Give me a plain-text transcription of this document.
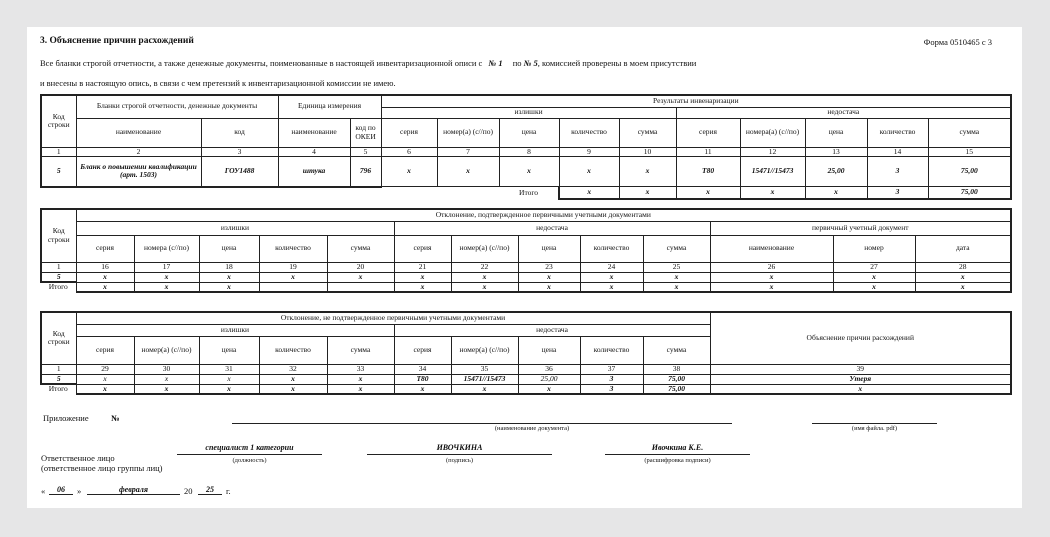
3. Объяснение причин расхождений	Форма 0510465 с 3
Все бланки строгой отчетности, а также денежные документы, поименованные в настоящей инвентаризационной описи с № 1 по № 5, комиссией проверены в моем присутствии
и внесены в настоящую опись, в связи с чем претензий к инвентаризационной комиссии не имею.
Код строки	Бланки строгой отчетности, денежные документы		Единица измерения		Результаты инвенаризации									
					излишки					недостача				
	наименование	код	наименование	код по ОКЕИ	серия	номер(а) (с//по)	цена	количество	сумма	серия	номера(а) (с//по)	цена	количество	сумма
1	2	3	4	5	6	7	8	9	10	11	12	13	14	15
5	Бланк о повышении квалификации (арт. 1503)	ГОУ1488	штука	796	x	x	x	x	x	Т80	15471//15473	25,00	3	75,00
					Итого			x	x	x	x	x	3	75,00
Код строки	Отклонение, подтвержденное первичными учетными документами												
	излишки					недостача					первичный учетный документ		
	серия	номера (с//по)	цена	количество	сумма	серия	номер(а) (с//по)	цена	количество	сумма	наименование	номер	дата
1	16	17	18	19	20	21	22	23	24	25	26	27	28
5	x	x	x	x	x	x	x	x	x	x	x	x	x
Итого	x	x	x			x	x	x	x	x	x	x	x
Код строки	Отклонение, не подтвержденное первичными учетными документами										Объяснение причин расхождений
	излишки					недостача					
	серия	номер(а) (с//по)	цена	количество	сумма	серия	номер(а) (с//по)	цена	количество	сумма	
1	29	30	31	32	33	34	35	36	37	38	39
5	x	x	x	x	x	Т80	15471//15473	25,00	3	75,00	Утеря
Итого	x	x	x	x	x	x	x	x	3	75,00	x
Приложение	№
(наименование документа)	(имя файла. pdf)
Ответственное лицо
(ответственное лицо группы лиц)
специалист 1 категории
(должность)
ИВОЧКИНА
(подпись)
Ивочкина К.Е.
(расшифровка подписи)
«	06	»	февраля	20	25	г.
